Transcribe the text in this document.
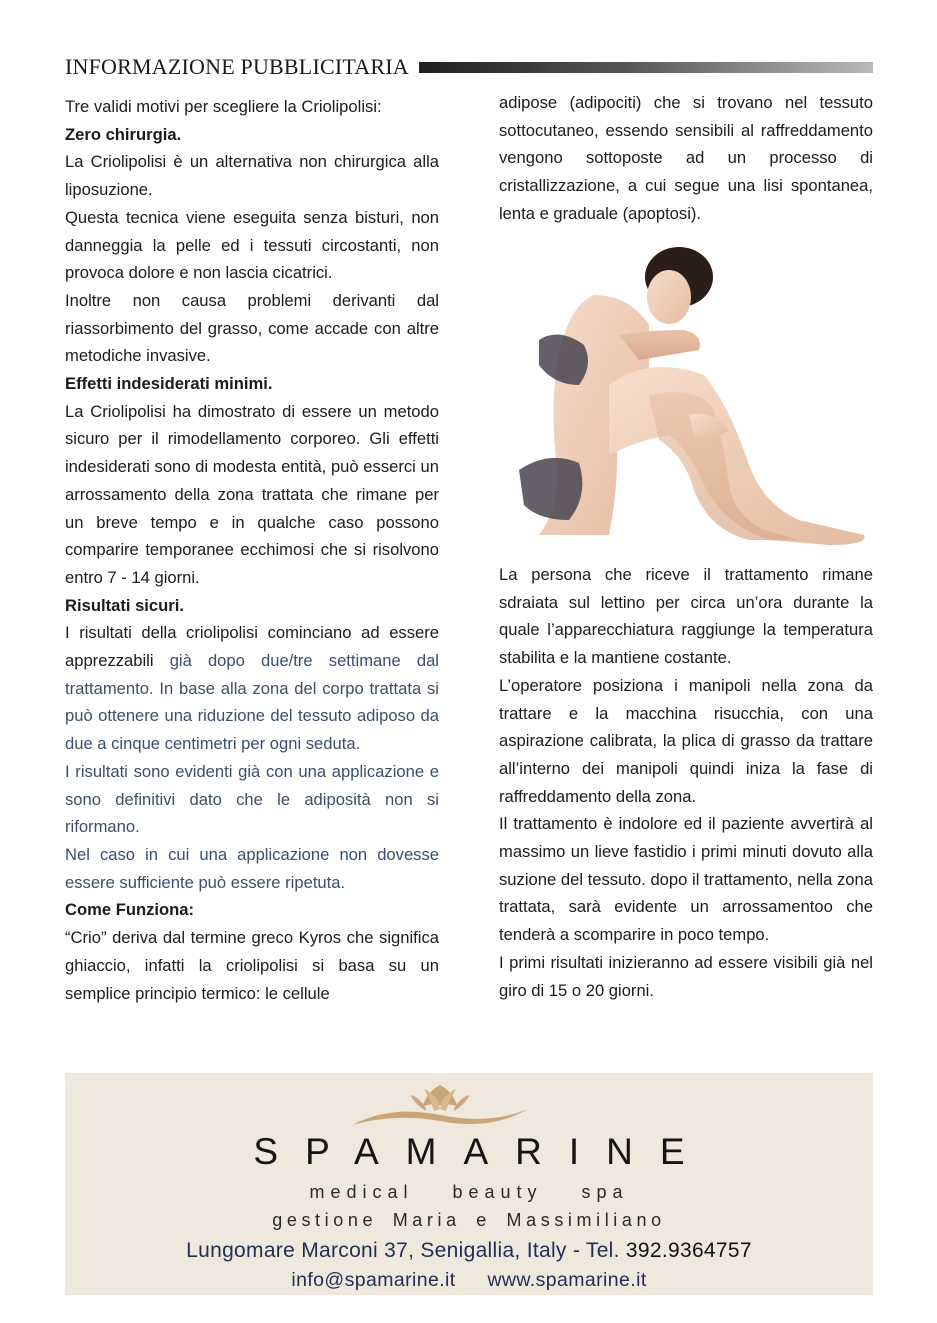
INFORMAZIONE PUBBLICITARIA

Tre validi motivi per scegliere la Criolipolisi:

Zero chirurgia.

La Criolipolisi è un alternativa non chirurgica alla liposuzione.

Questa tecnica viene eseguita senza bisturi, non danneggia la pelle ed i tessuti circostanti, non provoca dolore e non lascia cicatrici.

Inoltre non causa problemi derivanti dal riassorbimento del grasso, come accade con altre metodiche invasive.

Effetti indesiderati minimi.

La Criolipolisi ha dimostrato di essere un metodo sicuro per il rimodellamento corporeo. Gli effetti indesiderati sono di modesta entità, può esserci un arrossamento della zona trattata che rimane per un breve tempo e in qualche caso possono comparire temporanee ecchimosi che si risolvono entro 7 - 14 giorni.

Risultati sicuri.

I risultati della criolipolisi cominciano ad essere apprezzabili già dopo due/tre settimane dal trattamento. In base alla zona del corpo trattata si può ottenere una riduzione del tessuto adiposo da due a cinque centimetri per ogni seduta.

I risultati sono evidenti già con una applicazione e sono definitivi dato che le adiposità non si riformano.

Nel caso in cui una applicazione non dovesse essere sufficiente può essere ripetuta.

Come Funziona:

“Crio” deriva dal termine greco Kyros che significa ghiaccio, infatti la criolipolisi si basa su un semplice principio termico: le cellule

adipose (adipociti) che si trovano nel tessuto sottocutaneo, essendo sensibili al raffreddamento vengono sottoposte ad un processo di cristallizzazione, a cui segue una lisi spontanea, lenta e graduale (apoptosi).

La persona che riceve il trattamento rimane sdraiata sul lettino per circa un’ora durante la quale l’apparecchiatura raggiunge la temperatura stabilita e la mantiene costante.

L’operatore posiziona i manipoli nella zona da trattare e la macchina risucchia, con una aspirazione calibrata, la plica di grasso da trattare all’interno dei manipoli quindi iniza la fase di raffreddamento della zona.

Il trattamento è indolore ed il paziente avvertirà al massimo un lieve fastidio i primi minuti dovuto alla suzione del tessuto. dopo il trattamento, nella zona trattata, sarà evidente un arrossamentoo che tenderà a scomparire in poco tempo.

I primi risultati inizieranno ad essere visibili già nel giro di 15 o 20 giorni.

SPAMARINE
medical beauty spa
gestione Maria e Massimiliano
Lungomare Marconi 37, Senigallia, Italy - Tel. 392.9364757
info@spamarine.it www.spamarine.it
